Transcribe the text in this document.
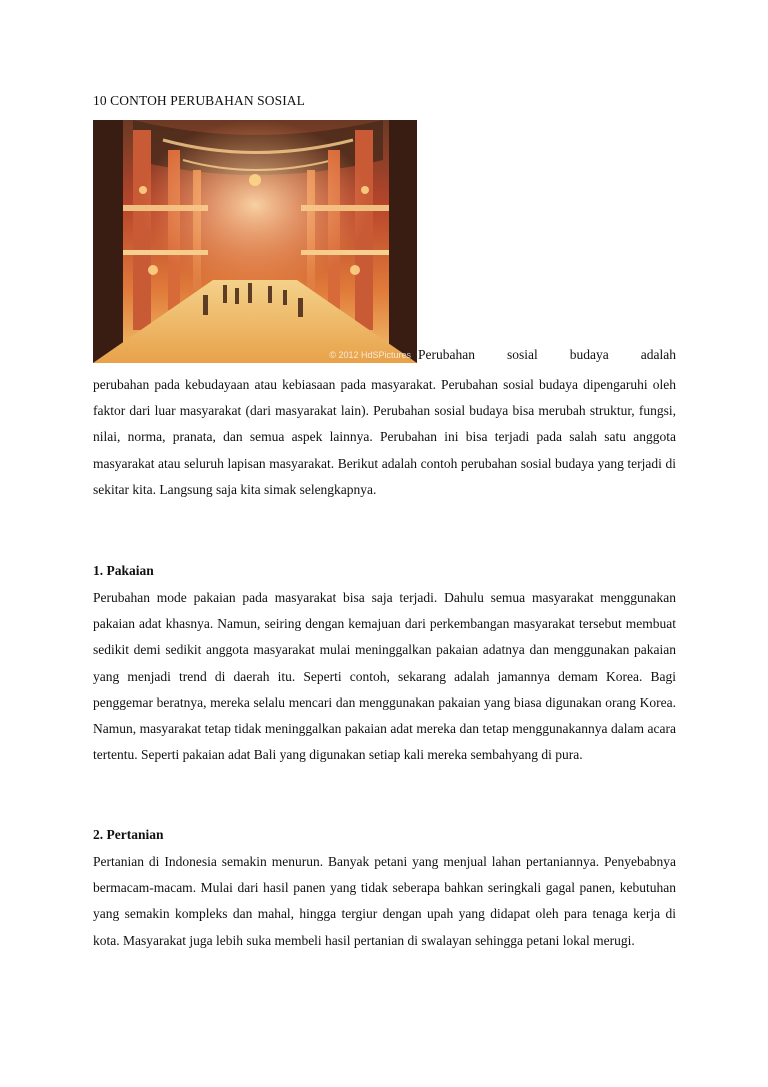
10 CONTOH PERUBAHAN SOSIAL
© 2012 HdSPictures Perubahan sosial budaya adalah

perubahan pada kebudayaan atau kebiasaan pada masyarakat. Perubahan sosial budaya dipengaruhi oleh faktor dari luar masyarakat (dari masyarakat lain). Perubahan sosial budaya bisa merubah struktur, fungsi, nilai, norma, pranata, dan semua aspek lainnya. Perubahan ini bisa terjadi pada salah satu anggota masyarakat atau seluruh lapisan masyarakat. Berikut adalah contoh perubahan sosial budaya yang terjadi di sekitar kita. Langsung saja kita simak selengkapnya.

1. Pakaian

Perubahan mode pakaian pada masyarakat bisa saja terjadi. Dahulu semua masyarakat menggunakan pakaian adat khasnya. Namun, seiring dengan kemajuan dari perkembangan masyarakat tersebut membuat sedikit demi sedikit anggota masyarakat mulai meninggalkan pakaian adatnya dan menggunakan pakaian yang menjadi trend di daerah itu. Seperti contoh, sekarang adalah jamannya demam Korea. Bagi penggemar beratnya, mereka selalu mencari dan menggunakan pakaian yang biasa digunakan orang Korea. Namun, masyarakat tetap tidak meninggalkan pakaian adat mereka dan tetap menggunakannya dalam acara tertentu. Seperti pakaian adat Bali yang digunakan setiap kali mereka sembahyang di pura.

2. Pertanian

Pertanian di Indonesia semakin menurun. Banyak petani yang menjual lahan pertaniannya. Penyebabnya bermacam-macam. Mulai dari hasil panen yang tidak seberapa bahkan seringkali gagal panen, kebutuhan yang semakin kompleks dan mahal, hingga tergiur dengan upah yang didapat oleh para tenaga kerja di kota. Masyarakat juga lebih suka membeli hasil pertanian di swalayan sehingga petani lokal merugi.
